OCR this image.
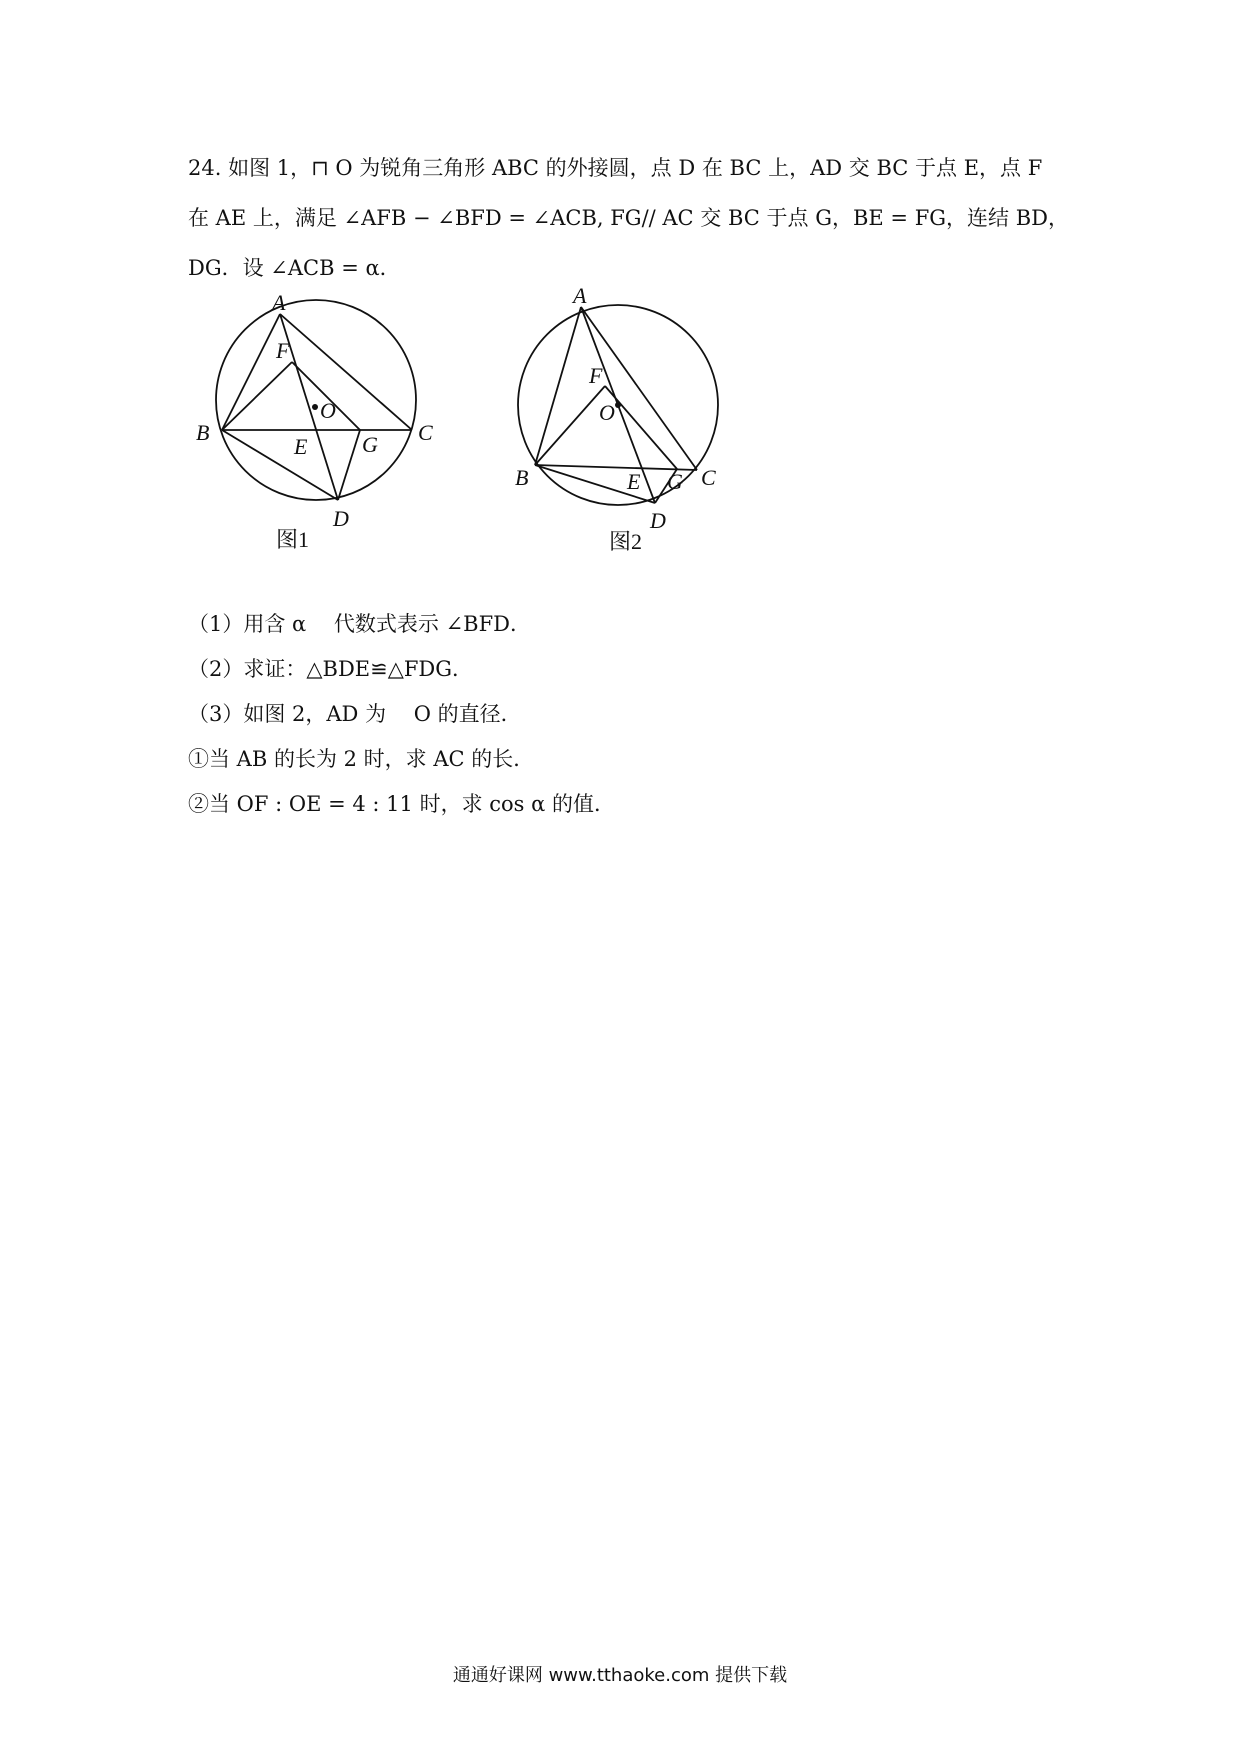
24. 如图 1，⊓ O 为锐角三角形 ABC 的外接圆，点 D 在 BC 上，AD 交 BC 于点 E，点 F
在 AE 上，满足 ∠AFB − ∠BFD = ∠ACB, FG// AC 交 BC 于点 G，BE = FG，连结 BD，
DG．设 ∠ACB = α．
A
B	C
D
E
F
G
O
图1
A
B	C
D
E
F
G
O
图2
（1）用含 α 　代数式表示 ∠BFD．
（2）求证：△BDE≌△FDG．
（3）如图 2，AD 为 　O 的直径．
①当 AB 的长为 2 时，求 AC 的长．
②当 OF : OE = 4 : 11 时，求 cos α 的值．
通通好课网 www.tthaoke.com 提供下载
